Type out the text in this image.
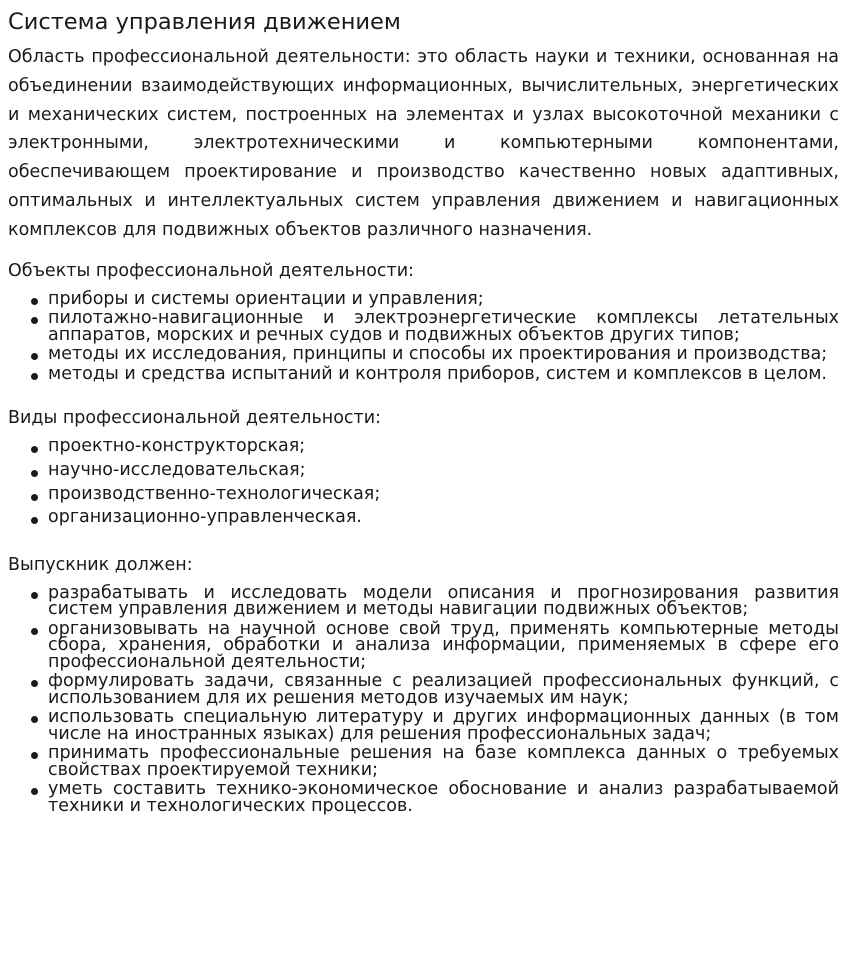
Система управления движением

Область профессиональной деятельности: это область науки и техники, основанная на объединении взаимодействующих информационных, вычислительных, энергетических и механических систем, построенных на элементах и узлах высокоточной механики с электронными, электротехническими и компьютерными компонентами, обеспечивающем проектирование и производство качественно новых адаптивных, оптимальных и интеллектуальных систем управления движением и навигационных комплексов для подвижных объектов различного назначения.

Объекты профессиональной деятельности:
приборы и системы ориентации и управления;
пилотажно-навигационные и электроэнергетические комплексы летательных аппаратов, морских и речных судов и подвижных объектов других типов;
методы их исследования, принципы и способы их проектирования и производства;
методы и средства испытаний и контроля приборов, систем и комплексов в целом.
Виды профессиональной деятельности:
проектно-конструкторская;
научно-исследовательская;
производственно-технологическая;
организационно-управленческая.
Выпускник должен:
разрабатывать и исследовать модели описания и прогнозирования развития систем управления движением и методы навигации подвижных объектов;
организовывать на научной основе свой труд, применять компьютерные методы сбора, хранения, обработки и анализа информации, применяемых в сфере его профессиональной деятельности;
формулировать задачи, связанные с реализацией профессиональных функций, с использованием для их решения методов изучаемых им наук;
использовать специальную литературу и других информационных данных (в том числе на иностранных языках) для решения профессиональных задач;
принимать профессиональные решения на базе комплекса данных о требуемых свойствах проектируемой техники;
уметь составить технико-экономическое обоснование и анализ разрабатываемой техники и технологических процессов.
